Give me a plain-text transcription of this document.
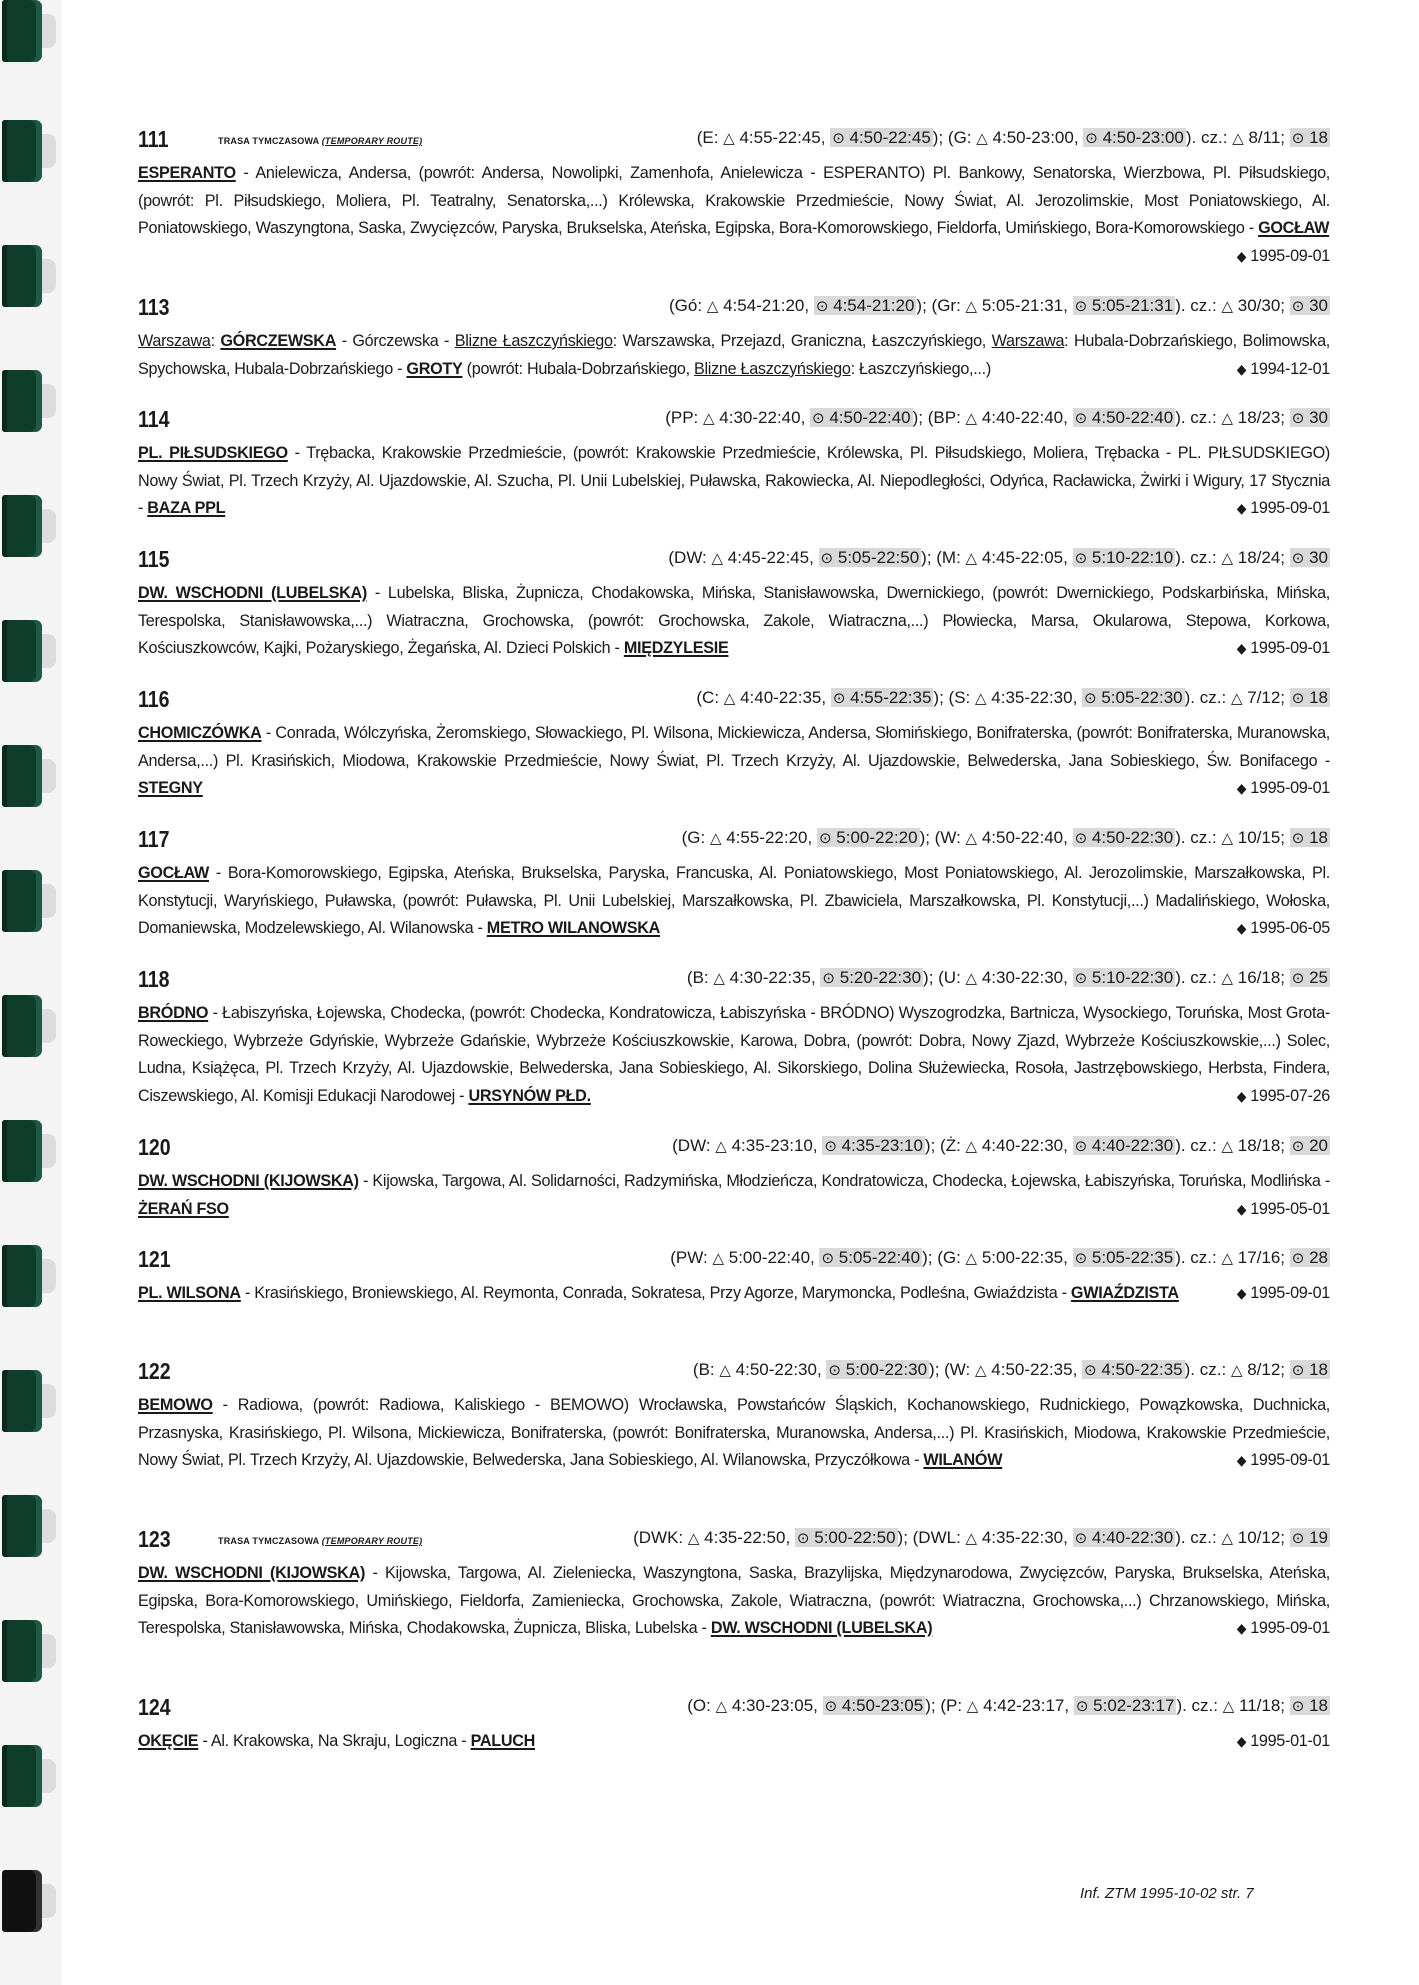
111	TRASA TYMCZASOWA (TEMPORARY ROUTE)	(E: △ 4:55-22:45, ⊙ 4:50-22:45 ); (G: △ 4:50-23:00, ⊙ 4:50-23:00 ). cz.: △ 8/11; ⊙ 18
ESPERANTO - Anielewicza, Andersa, (powrót: Andersa, Nowolipki, Zamenhofa, Anielewicza - ESPERANTO) Pl. Bankowy, Senatorska, Wierzbowa, Pl. Piłsudskiego, (powrót: Pl. Piłsudskiego, Moliera, Pl. Teatralny, Senatorska,...) Królewska, Krakowskie Przedmieście, Nowy Świat, Al. Jerozolimskie, Most Poniatowskiego, Al. Poniatowskiego, Waszyngtona, Saska, Zwycięzców, Paryska, Brukselska, Ateńska, Egipska, Bora-Komorowskiego, Fieldorfa, Umińskiego, Bora-Komorowskiego - GOCŁAW
◆ 1995-09-01
113	(Gó: △ 4:54-21:20, ⊙ 4:54-21:20 ); (Gr: △ 5:05-21:31, ⊙ 5:05-21:31 ). cz.: △ 30/30; ⊙ 30
Warszawa: GÓRCZEWSKA - Górczewska - Blizne Łaszczyńskiego: Warszawska, Przejazd, Graniczna, Łaszczyńskiego, Warszawa: Hubala-Dobrzańskiego, Bolimowska, Spychowska, Hubala-Dobrzańskiego - GROTY (powrót: Hubala-Dobrzańskiego, Blizne Łaszczyńskiego: Łaszczyńskiego,...)	◆ 1994-12-01
114	(PP: △ 4:30-22:40, ⊙ 4:50-22:40 ); (BP: △ 4:40-22:40, ⊙ 4:50-22:40 ). cz.: △ 18/23; ⊙ 30
PL. PIŁSUDSKIEGO - Trębacka, Krakowskie Przedmieście, (powrót: Krakowskie Przedmieście, Królewska, Pl. Piłsudskiego, Moliera, Trębacka - PL. PIŁSUDSKIEGO) Nowy Świat, Pl. Trzech Krzyży, Al. Ujazdowskie, Al. Szucha, Pl. Unii Lubelskiej, Puławska, Rakowiecka, Al. Niepodległości, Odyńca, Racławicka, Żwirki i Wigury, 17 Stycznia - BAZA PPL	◆ 1995-09-01
115	(DW: △ 4:45-22:45, ⊙ 5:05-22:50 ); (M: △ 4:45-22:05, ⊙ 5:10-22:10 ). cz.: △ 18/24; ⊙ 30
DW. WSCHODNI (LUBELSKA) - Lubelska, Bliska, Żupnicza, Chodakowska, Mińska, Stanisławowska, Dwernickiego, (powrót: Dwernickiego, Podskarbińska, Mińska, Terespolska, Stanisławowska,...) Wiatraczna, Grochowska, (powrót: Grochowska, Zakole, Wiatraczna,...) Płowiecka, Marsa, Okularowa, Stepowa, Korkowa, Kościuszkowców, Kajki, Pożaryskiego, Żegańska, Al. Dzieci Polskich - MIĘDZYLESIE	◆ 1995-09-01
116	(C: △ 4:40-22:35, ⊙ 4:55-22:35 ); (S: △ 4:35-22:30, ⊙ 5:05-22:30 ). cz.: △ 7/12; ⊙ 18
CHOMICZÓWKA - Conrada, Wólczyńska, Żeromskiego, Słowackiego, Pl. Wilsona, Mickiewicza, Andersa, Słomińskiego, Bonifraterska, (powrót: Bonifraterska, Muranowska, Andersa,...) Pl. Krasińskich, Miodowa, Krakowskie Przedmieście, Nowy Świat, Pl. Trzech Krzyży, Al. Ujazdowskie, Belwederska, Jana Sobieskiego, Św. Bonifacego - STEGNY	◆ 1995-09-01
117	(G: △ 4:55-22:20, ⊙ 5:00-22:20 ); (W: △ 4:50-22:40, ⊙ 4:50-22:30 ). cz.: △ 10/15; ⊙ 18
GOCŁAW - Bora-Komorowskiego, Egipska, Ateńska, Brukselska, Paryska, Francuska, Al. Poniatowskiego, Most Poniatowskiego, Al. Jerozolimskie, Marszałkowska, Pl. Konstytucji, Waryńskiego, Puławska, (powrót: Puławska, Pl. Unii Lubelskiej, Marszałkowska, Pl. Zbawiciela, Marszałkowska, Pl. Konstytucji,...) Madalińskiego, Wołoska, Domaniewska, Modzelewskiego, Al. Wilanowska - METRO WILANOWSKA	◆ 1995-06-05
118	(B: △ 4:30-22:35, ⊙ 5:20-22:30 ); (U: △ 4:30-22:30, ⊙ 5:10-22:30 ). cz.: △ 16/18; ⊙ 25
BRÓDNO - Łabiszyńska, Łojewska, Chodecka, (powrót: Chodecka, Kondratowicza, Łabiszyńska - BRÓDNO) Wyszogrodzka, Bartnicza, Wysockiego, Toruńska, Most Grota-Roweckiego, Wybrzeże Gdyńskie, Wybrzeże Gdańskie, Wybrzeże Kościuszkowskie, Karowa, Dobra, (powrót: Dobra, Nowy Zjazd, Wybrzeże Kościuszkowskie,...) Solec, Ludna, Książęca, Pl. Trzech Krzyży, Al. Ujazdowskie, Belwederska, Jana Sobieskiego, Al. Sikorskiego, Dolina Służewiecka, Rosoła, Jastrzębowskiego, Herbsta, Findera, Ciszewskiego, Al. Komisji Edukacji Narodowej - URSYNÓW PŁD.	◆ 1995-07-26
120	(DW: △ 4:35-23:10, ⊙ 4:35-23:10 ); (Ż: △ 4:40-22:30, ⊙ 4:40-22:30 ). cz.: △ 18/18; ⊙ 20
DW. WSCHODNI (KIJOWSKA) - Kijowska, Targowa, Al. Solidarności, Radzymińska, Młodzieńcza, Kondratowicza, Chodecka, Łojewska, Łabiszyńska, Toruńska, Modlińska - ŻERAŃ FSO	◆ 1995-05-01
121	(PW: △ 5:00-22:40, ⊙ 5:05-22:40 ); (G: △ 5:00-22:35, ⊙ 5:05-22:35 ). cz.: △ 17/16; ⊙ 28
PL. WILSONA - Krasińskiego, Broniewskiego, Al. Reymonta, Conrada, Sokratesa, Przy Agorze, Marymoncka, Podleśna, Gwiaździsta - GWIAŹDZISTA	◆ 1995-09-01
122	(B: △ 4:50-22:30, ⊙ 5:00-22:30 ); (W: △ 4:50-22:35, ⊙ 4:50-22:35 ). cz.: △ 8/12; ⊙ 18
BEMOWO - Radiowa, (powrót: Radiowa, Kaliskiego - BEMOWO) Wrocławska, Powstańców Śląskich, Kochanowskiego, Rudnickiego, Powązkowska, Duchnicka, Przasnyska, Krasińskiego, Pl. Wilsona, Mickiewicza, Bonifraterska, (powrót: Bonifraterska, Muranowska, Andersa,...) Pl. Krasińskich, Miodowa, Krakowskie Przedmieście, Nowy Świat, Pl. Trzech Krzyży, Al. Ujazdowskie, Belwederska, Jana Sobieskiego, Al. Wilanowska, Przyczółkowa - WILANÓW	◆ 1995-09-01
123	TRASA TYMCZASOWA (TEMPORARY ROUTE)	(DWK: △ 4:35-22:50, ⊙ 5:00-22:50 ); (DWL: △ 4:35-22:30, ⊙ 4:40-22:30 ). cz.: △ 10/12; ⊙ 19
DW. WSCHODNI (KIJOWSKA) - Kijowska, Targowa, Al. Zieleniecka, Waszyngtona, Saska, Brazylijska, Międzynarodowa, Zwycięzców, Paryska, Brukselska, Ateńska, Egipska, Bora-Komorowskiego, Umińskiego, Fieldorfa, Zamieniecka, Grochowska, Zakole, Wiatraczna, (powrót: Wiatraczna, Grochowska,...) Chrzanowskiego, Mińska, Terespolska, Stanisławowska, Mińska, Chodakowska, Żupnicza, Bliska, Lubelska - DW. WSCHODNI (LUBELSKA)	◆ 1995-09-01
124	(O: △ 4:30-23:05, ⊙ 4:50-23:05 ); (P: △ 4:42-23:17, ⊙ 5:02-23:17 ). cz.: △ 11/18; ⊙ 18
OKĘCIE - Al. Krakowska, Na Skraju, Logiczna - PALUCH	◆ 1995-01-01
Inf. ZTM 1995-10-02 str. 7
